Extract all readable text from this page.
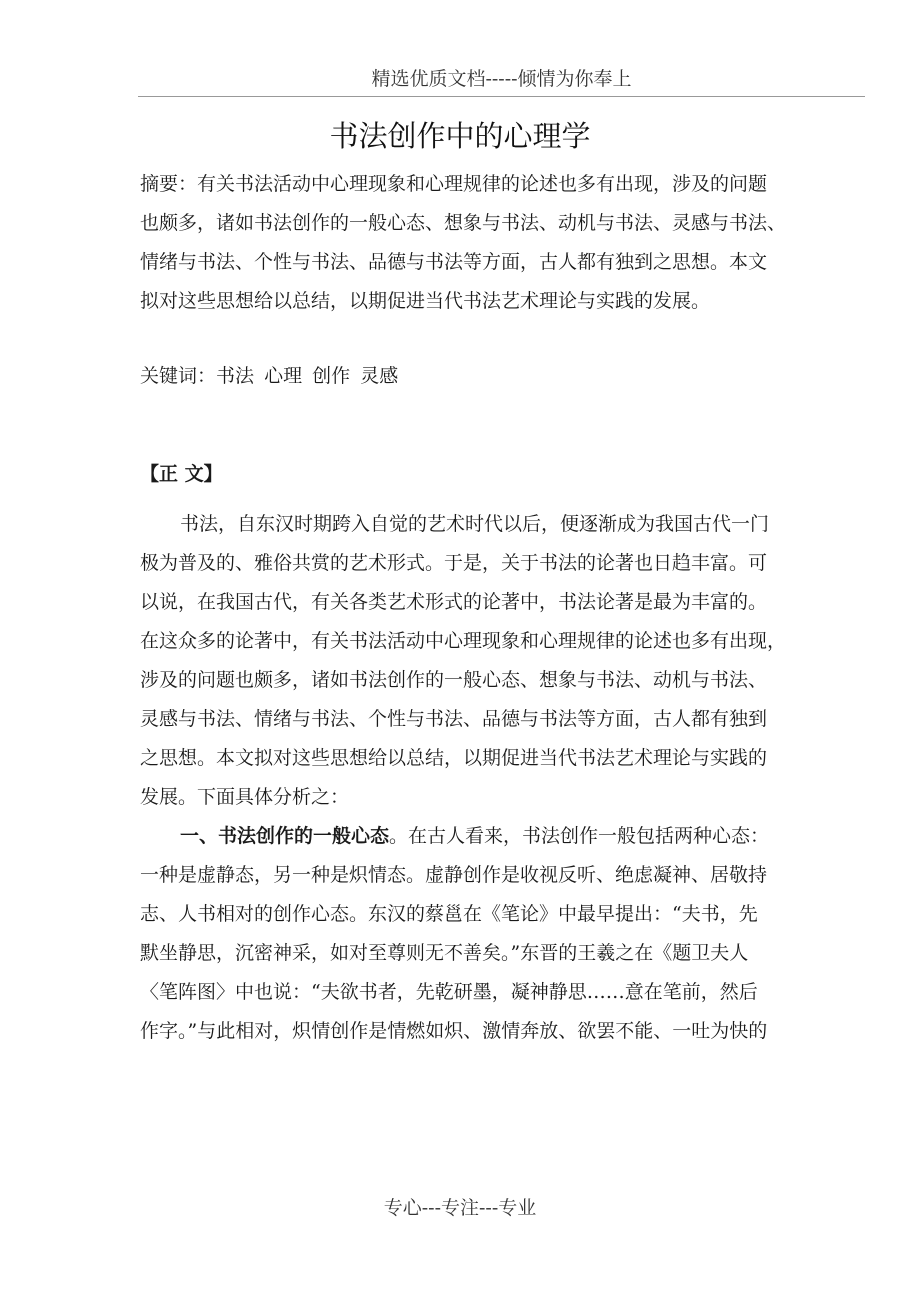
精选优质文档-----倾情为你奉上
书法创作中的心理学
摘要：有关书法活动中心理现象和心理规律的论述也多有出现，涉及的问题
也颇多，诸如书法创作的一般心态、想象与书法、动机与书法、灵感与书法、
情绪与书法、个性与书法、品德与书法等方面，古人都有独到之思想。本文
拟对这些思想给以总结，以期促进当代书法艺术理论与实践的发展。
关键词：书法 心理 创作 灵感
【正 文】
书法，自东汉时期跨入自觉的艺术时代以后，便逐渐成为我国古代一门
极为普及的、雅俗共赏的艺术形式。于是，关于书法的论著也日趋丰富。可
以说，在我国古代，有关各类艺术形式的论著中，书法论著是最为丰富的。
在这众多的论著中，有关书法活动中心理现象和心理规律的论述也多有出现，
涉及的问题也颇多，诸如书法创作的一般心态、想象与书法、动机与书法、
灵感与书法、情绪与书法、个性与书法、品德与书法等方面，古人都有独到
之思想。本文拟对这些思想给以总结，以期促进当代书法艺术理论与实践的
发展。下面具体分析之：
一、书法创作的一般心态。在古人看来，书法创作一般包括两种心态：
一种是虚静态，另一种是炽情态。虚静创作是收视反听、绝虑凝神、居敬持
志、人书相对的创作心态。东汉的蔡邕在《笔论》中最早提出：“夫书，先
默坐静思，沉密神采，如对至尊则无不善矣。”东晋的王羲之在《题卫夫人
〈笔阵图〉中也说：“夫欲书者，先乾研墨，凝神静思……意在笔前，然后
作字。”与此相对，炽情创作是情燃如炽、激情奔放、欲罢不能、一吐为快的
专心---专注---专业
